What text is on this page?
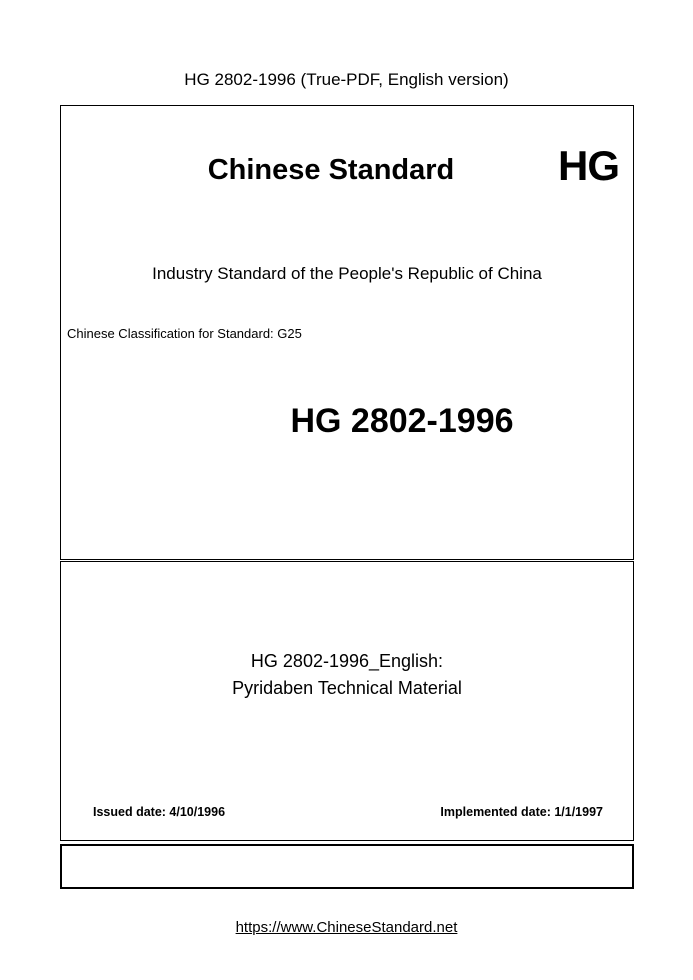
HG 2802-1996 (True-PDF, English version)
Chinese Standard	HG
Industry Standard of the People's Republic of China
Chinese Classification for Standard: G25
HG 2802-1996
HG 2802-1996_English:
Pyridaben Technical Material
Issued date: 4/10/1996	Implemented date: 1/1/1997
https://www.ChineseStandard.net
